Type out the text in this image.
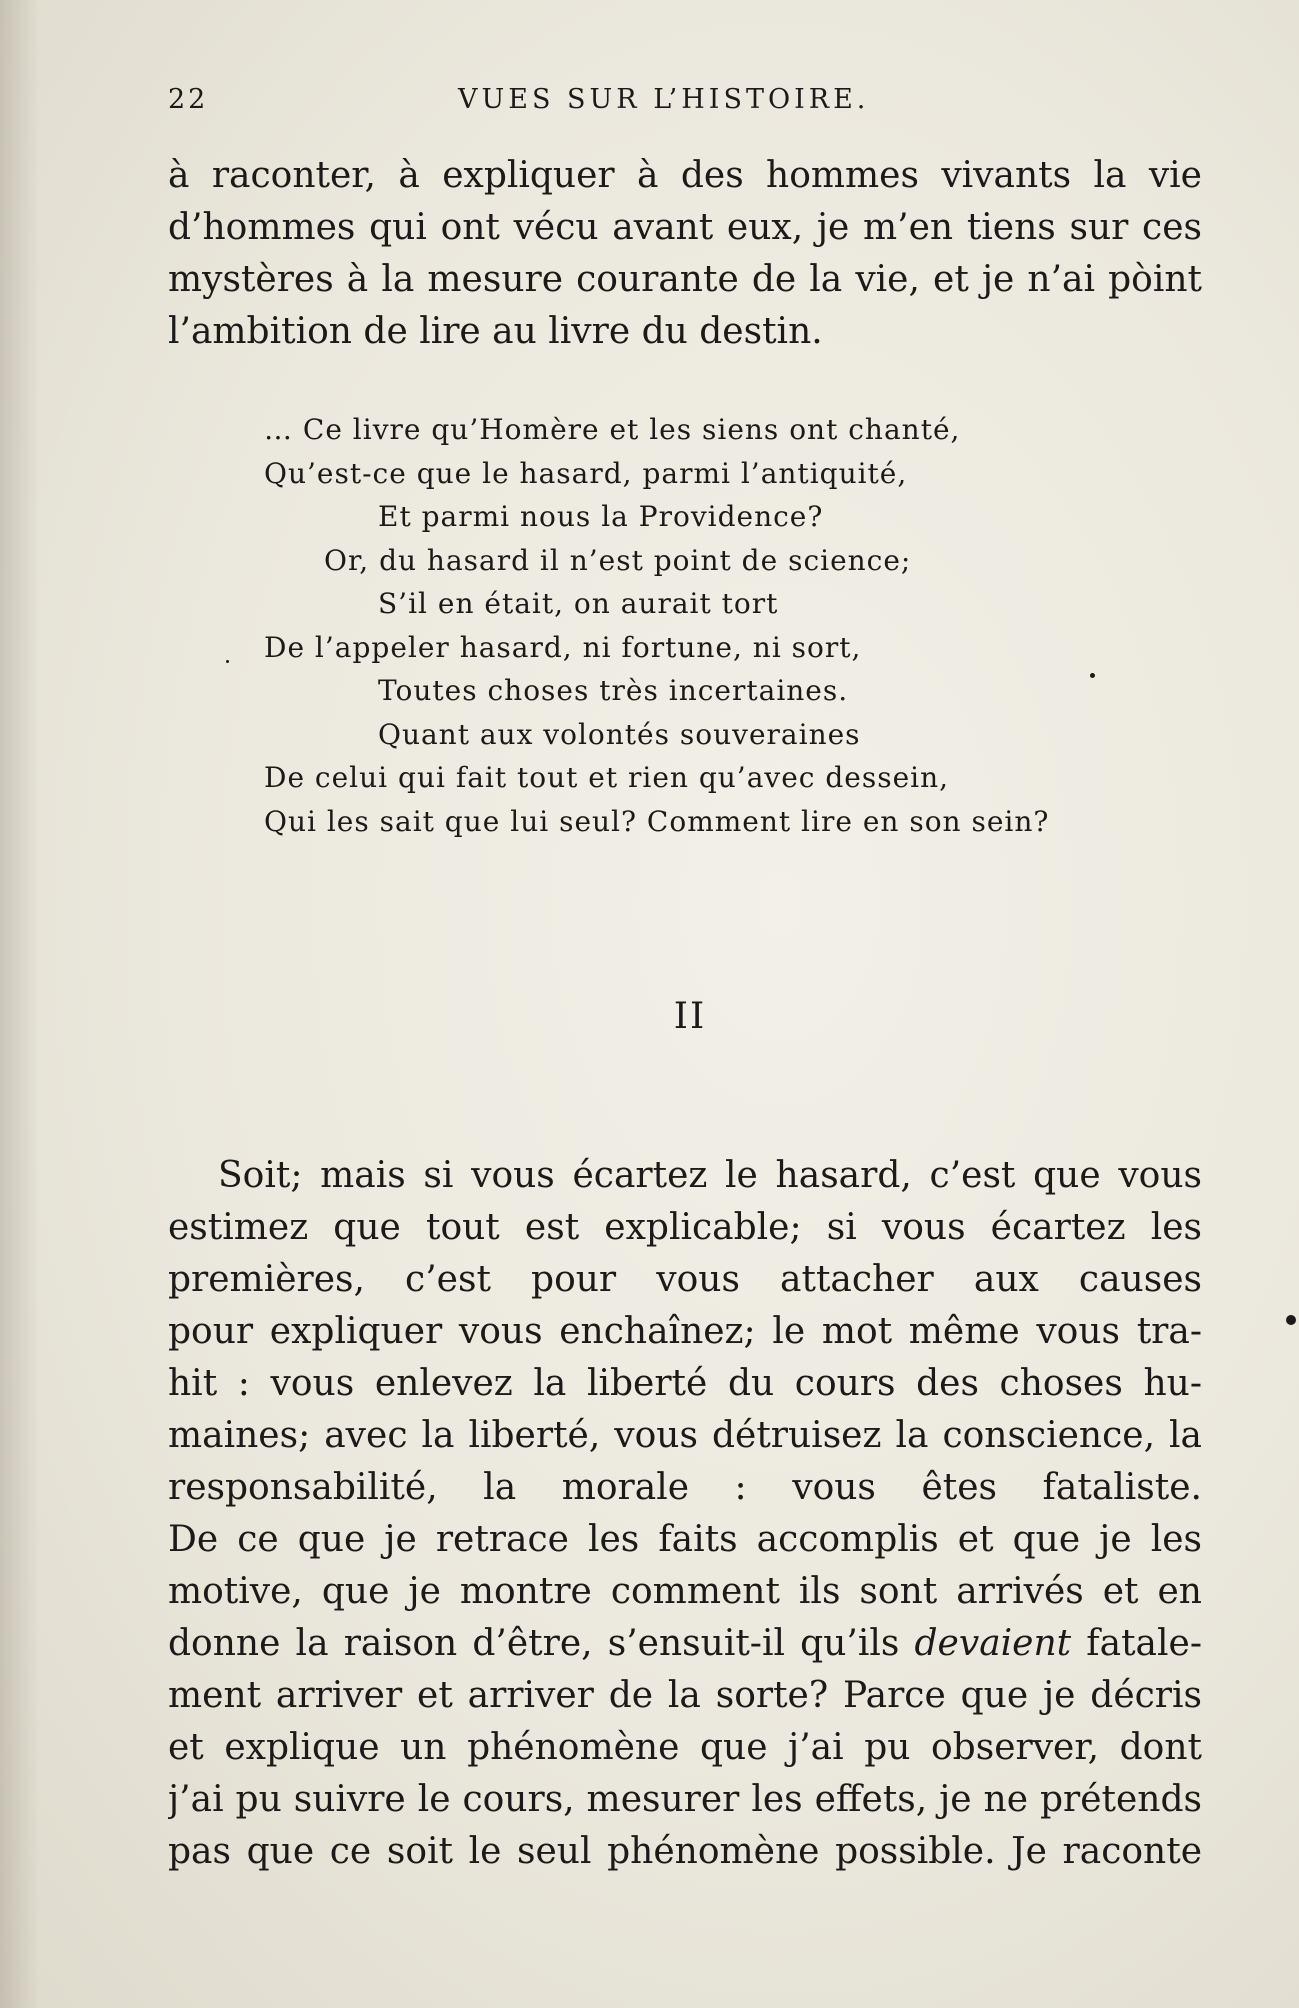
22	VUES SUR L’HISTOIRE.
à raconter, à expliquer à des hommes vivants la vie
d’hommes qui ont vécu avant eux, je m’en tiens sur ces
mystères à la mesure courante de la vie, et je n’ai pòint
l’ambition de lire au livre du destin.
… Ce livre qu’Homère et les siens ont chanté,
Qu’est-ce que le hasard, parmi l’antiquité,
Et parmi nous la Providence?
Or, du hasard il n’est point de science;
S’il en était, on aurait tort
De l’appeler hasard, ni fortune, ni sort,
Toutes choses très incertaines.
Quant aux volontés souveraines
De celui qui fait tout et rien qu’avec dessein,
Qui les sait que lui seul? Comment lire en son sein?
II
Soit; mais si vous écartez le hasard, c’est que vous
estimez que tout est explicable; si vous écartez les
premières, c’est pour vous attacher aux causes
pour expliquer vous enchaînez; le mot même vous tra-
hit : vous enlevez la liberté du cours des choses hu-
maines; avec la liberté, vous détruisez la conscience, la
responsabilité, la morale : vous êtes fataliste.
De ce que je retrace les faits accomplis et que je les
motive, que je montre comment ils sont arrivés et en
donne la raison d’être, s’ensuit-il qu’ils devaient fatale-
ment arriver et arriver de la sorte? Parce que je décris
et explique un phénomène que j’ai pu observer, dont
j’ai pu suivre le cours, mesurer les effets, je ne prétends
pas que ce soit le seul phénomène possible. Je raconte
